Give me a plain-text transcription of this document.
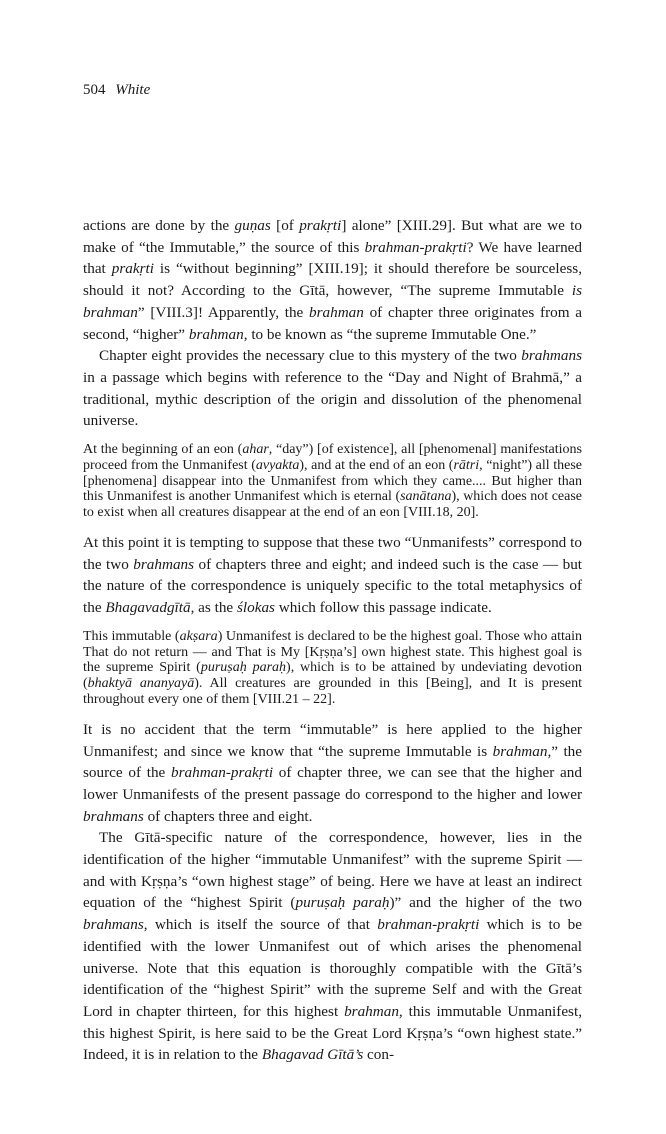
504 White

actions are done by the guṇas [of prakṛti] alone” [XIII.29]. But what are we to make of “the Immutable,” the source of this brahman-prakṛti? We have learned that prakṛti is “without beginning” [XIII.19]; it should therefore be sourceless, should it not? According to the Gītā, however, “The supreme Immutable is brahman” [VIII.3]! Apparently, the brahman of chapter three originates from a second, “higher” brahman, to be known as “the supreme Immutable One.”

Chapter eight provides the necessary clue to this mystery of the two brahmans in a passage which begins with reference to the “Day and Night of Brahmā,” a traditional, mythic description of the origin and dissolution of the phenomenal universe.

At the beginning of an eon (ahar, “day”) [of existence], all [phenomenal] manifestations proceed from the Unmanifest (avyakta), and at the end of an eon (rātri, “night”) all these [phenomena] disappear into the Unmanifest from which they came.... But higher than this Unmanifest is another Unmanifest which is eternal (sanātana), which does not cease to exist when all creatures disappear at the end of an eon [VIII.18, 20].

At this point it is tempting to suppose that these two “Unmanifests” correspond to the two brahmans of chapters three and eight; and indeed such is the case — but the nature of the correspondence is uniquely specific to the total metaphysics of the Bhagavadgītā, as the ślokas which follow this passage indicate.

This immutable (akṣara) Unmanifest is declared to be the highest goal. Those who attain That do not return — and That is My [Kṛṣṇa’s] own highest state. This highest goal is the supreme Spirit (puruṣaḥ paraḥ), which is to be attained by undeviating devotion (bhaktyā ananyayā). All creatures are grounded in this [Being], and It is present throughout every one of them [VIII.21 – 22].

It is no accident that the term “immutable” is here applied to the higher Unmanifest; and since we know that “the supreme Immutable is brahman,” the source of the brahman-prakṛti of chapter three, we can see that the higher and lower Unmanifests of the present passage do correspond to the higher and lower brahmans of chapters three and eight.

The Gītā-specific nature of the correspondence, however, lies in the identification of the higher “immutable Unmanifest” with the supreme Spirit — and with Kṛṣṇa’s “own highest stage” of being. Here we have at least an indirect equation of the “highest Spirit (puruṣaḥ paraḥ)” and the higher of the two brahmans, which is itself the source of that brahman-prakṛti which is to be identified with the lower Unmanifest out of which arises the phenomenal universe. Note that this equation is thoroughly compatible with the Gītā’s identification of the “highest Spirit” with the supreme Self and with the Great Lord in chapter thirteen, for this highest brahman, this immutable Unmanifest, this highest Spirit, is here said to be the Great Lord Kṛṣṇa’s “own highest state.” Indeed, it is in relation to the Bhagavad Gītā’s con-
